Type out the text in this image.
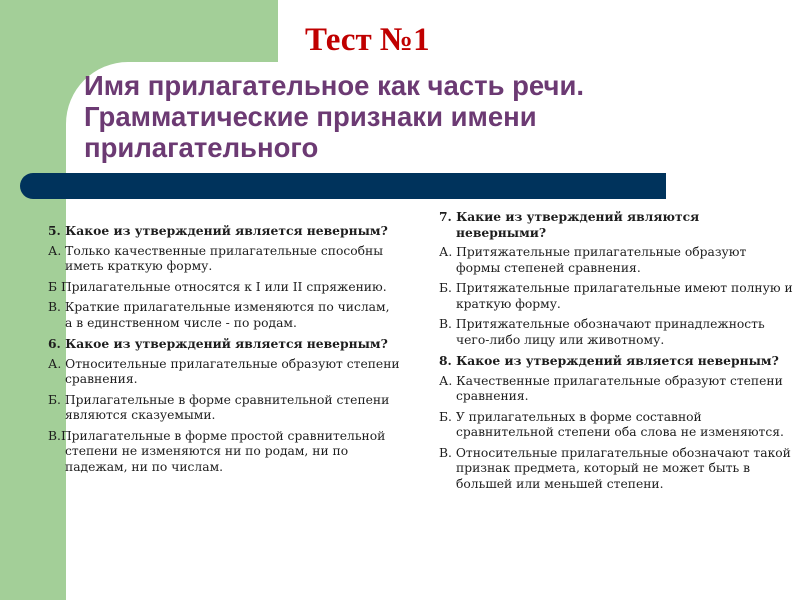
Тест №1
Имя прилагательное как часть речи. Грамматические признаки имени прилагательного

5. Какое из утверждений является неверным?

А. Только качественные прилагательные способны иметь краткую форму.

Б Прилагательные относятся к I или II спряжению.

В. Краткие прилагательные изменяются по числам, а в единственном числе - по родам.

6. Какое из утверждений является неверным?

А. Относительные прилагательные образуют степени сравнения.

Б. Прилагательные в форме сравнительной степени являются сказуемыми.

В.Прилагательные в форме простой сравнительной степени не изменяются ни по родам, ни по падежам, ни по числам.

7. Какие из утверждений являются неверными?

А. Притяжательные прилагательные образуют формы степеней сравнения.

Б. Притяжательные прилагательные имеют полную и краткую форму.

В. Притяжательные обозначают принадлежность чего-либо лицу или животному.

8. Какое из утверждений является неверным?

А. Качественные прилагательные образуют степени сравнения.

Б. У прилагательных в форме составной сравнительной степени оба слова не изменяются.

В. Относительные прилагательные обозначают такой признак предмета, который не может быть в большей или меньшей степени.
